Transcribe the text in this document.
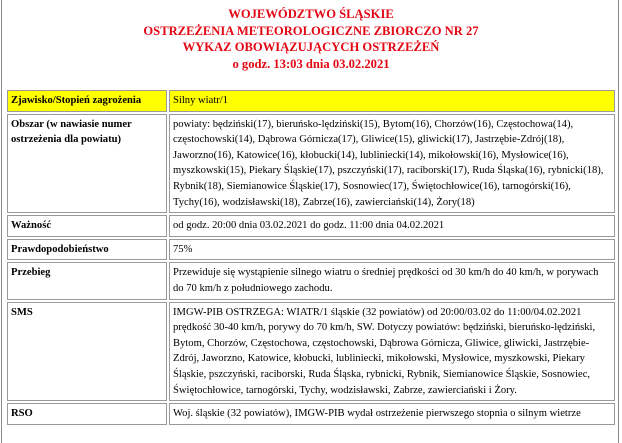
WOJEWÓDZTWO ŚLĄSKIE
OSTRZEŻENIA METEOROLOGICZNE ZBIORCZO NR 27
WYKAZ OBOWIĄZUJĄCYCH OSTRZEŻEŃ
o godz. 13:03 dnia 03.02.2021
Zjawisko/Stopień zagrożenia	Silny wiatr/1
Obszar (w nawiasie numer ostrzeżenia dla powiatu)	powiaty: będziński(17), bieruńsko-lędziński(15), Bytom(16), Chorzów(16), Częstochowa(14), częstochowski(14), Dąbrowa Górnicza(17), Gliwice(15), gliwicki(17), Jastrzębie-Zdrój(18), Jaworzno(16), Katowice(16), kłobucki(14), lubliniecki(14), mikołowski(16), Mysłowice(16), myszkowski(15), Piekary Śląskie(17), pszczyński(17), raciborski(17), Ruda Śląska(16), rybnicki(18), Rybnik(18), Siemianowice Śląskie(17), Sosnowiec(17), Świętochłowice(16), tarnogórski(16), Tychy(16), wodzisławski(18), Zabrze(16), zawierciański(14), Żory(18)
Ważność	od godz. 20:00 dnia 03.02.2021 do godz. 11:00 dnia 04.02.2021
Prawdopodobieństwo	75%
Przebieg	Przewiduje się wystąpienie silnego wiatru o średniej prędkości od 30 km/h do 40 km/h, w porywach do 70 km/h z południowego zachodu.
SMS	IMGW-PIB OSTRZEGA: WIATR/1 śląskie (32 powiatów) od 20:00/03.02 do 11:00/04.02.2021 prędkość 30-40 km/h, porywy do 70 km/h, SW. Dotyczy powiatów: będziński, bieruńsko-lędziński, Bytom, Chorzów, Częstochowa, częstochowski, Dąbrowa Górnicza, Gliwice, gliwicki, Jastrzębie-Zdrój, Jaworzno, Katowice, kłobucki, lubliniecki, mikołowski, Mysłowice, myszkowski, Piekary Śląskie, pszczyński, raciborski, Ruda Śląska, rybnicki, Rybnik, Siemianowice Śląskie, Sosnowiec, Świętochłowice, tarnogórski, Tychy, wodzisławski, Zabrze, zawierciański i Żory.
RSO	Woj. śląskie (32 powiatów), IMGW-PIB wydał ostrzeżenie pierwszego stopnia o silnym wietrze
